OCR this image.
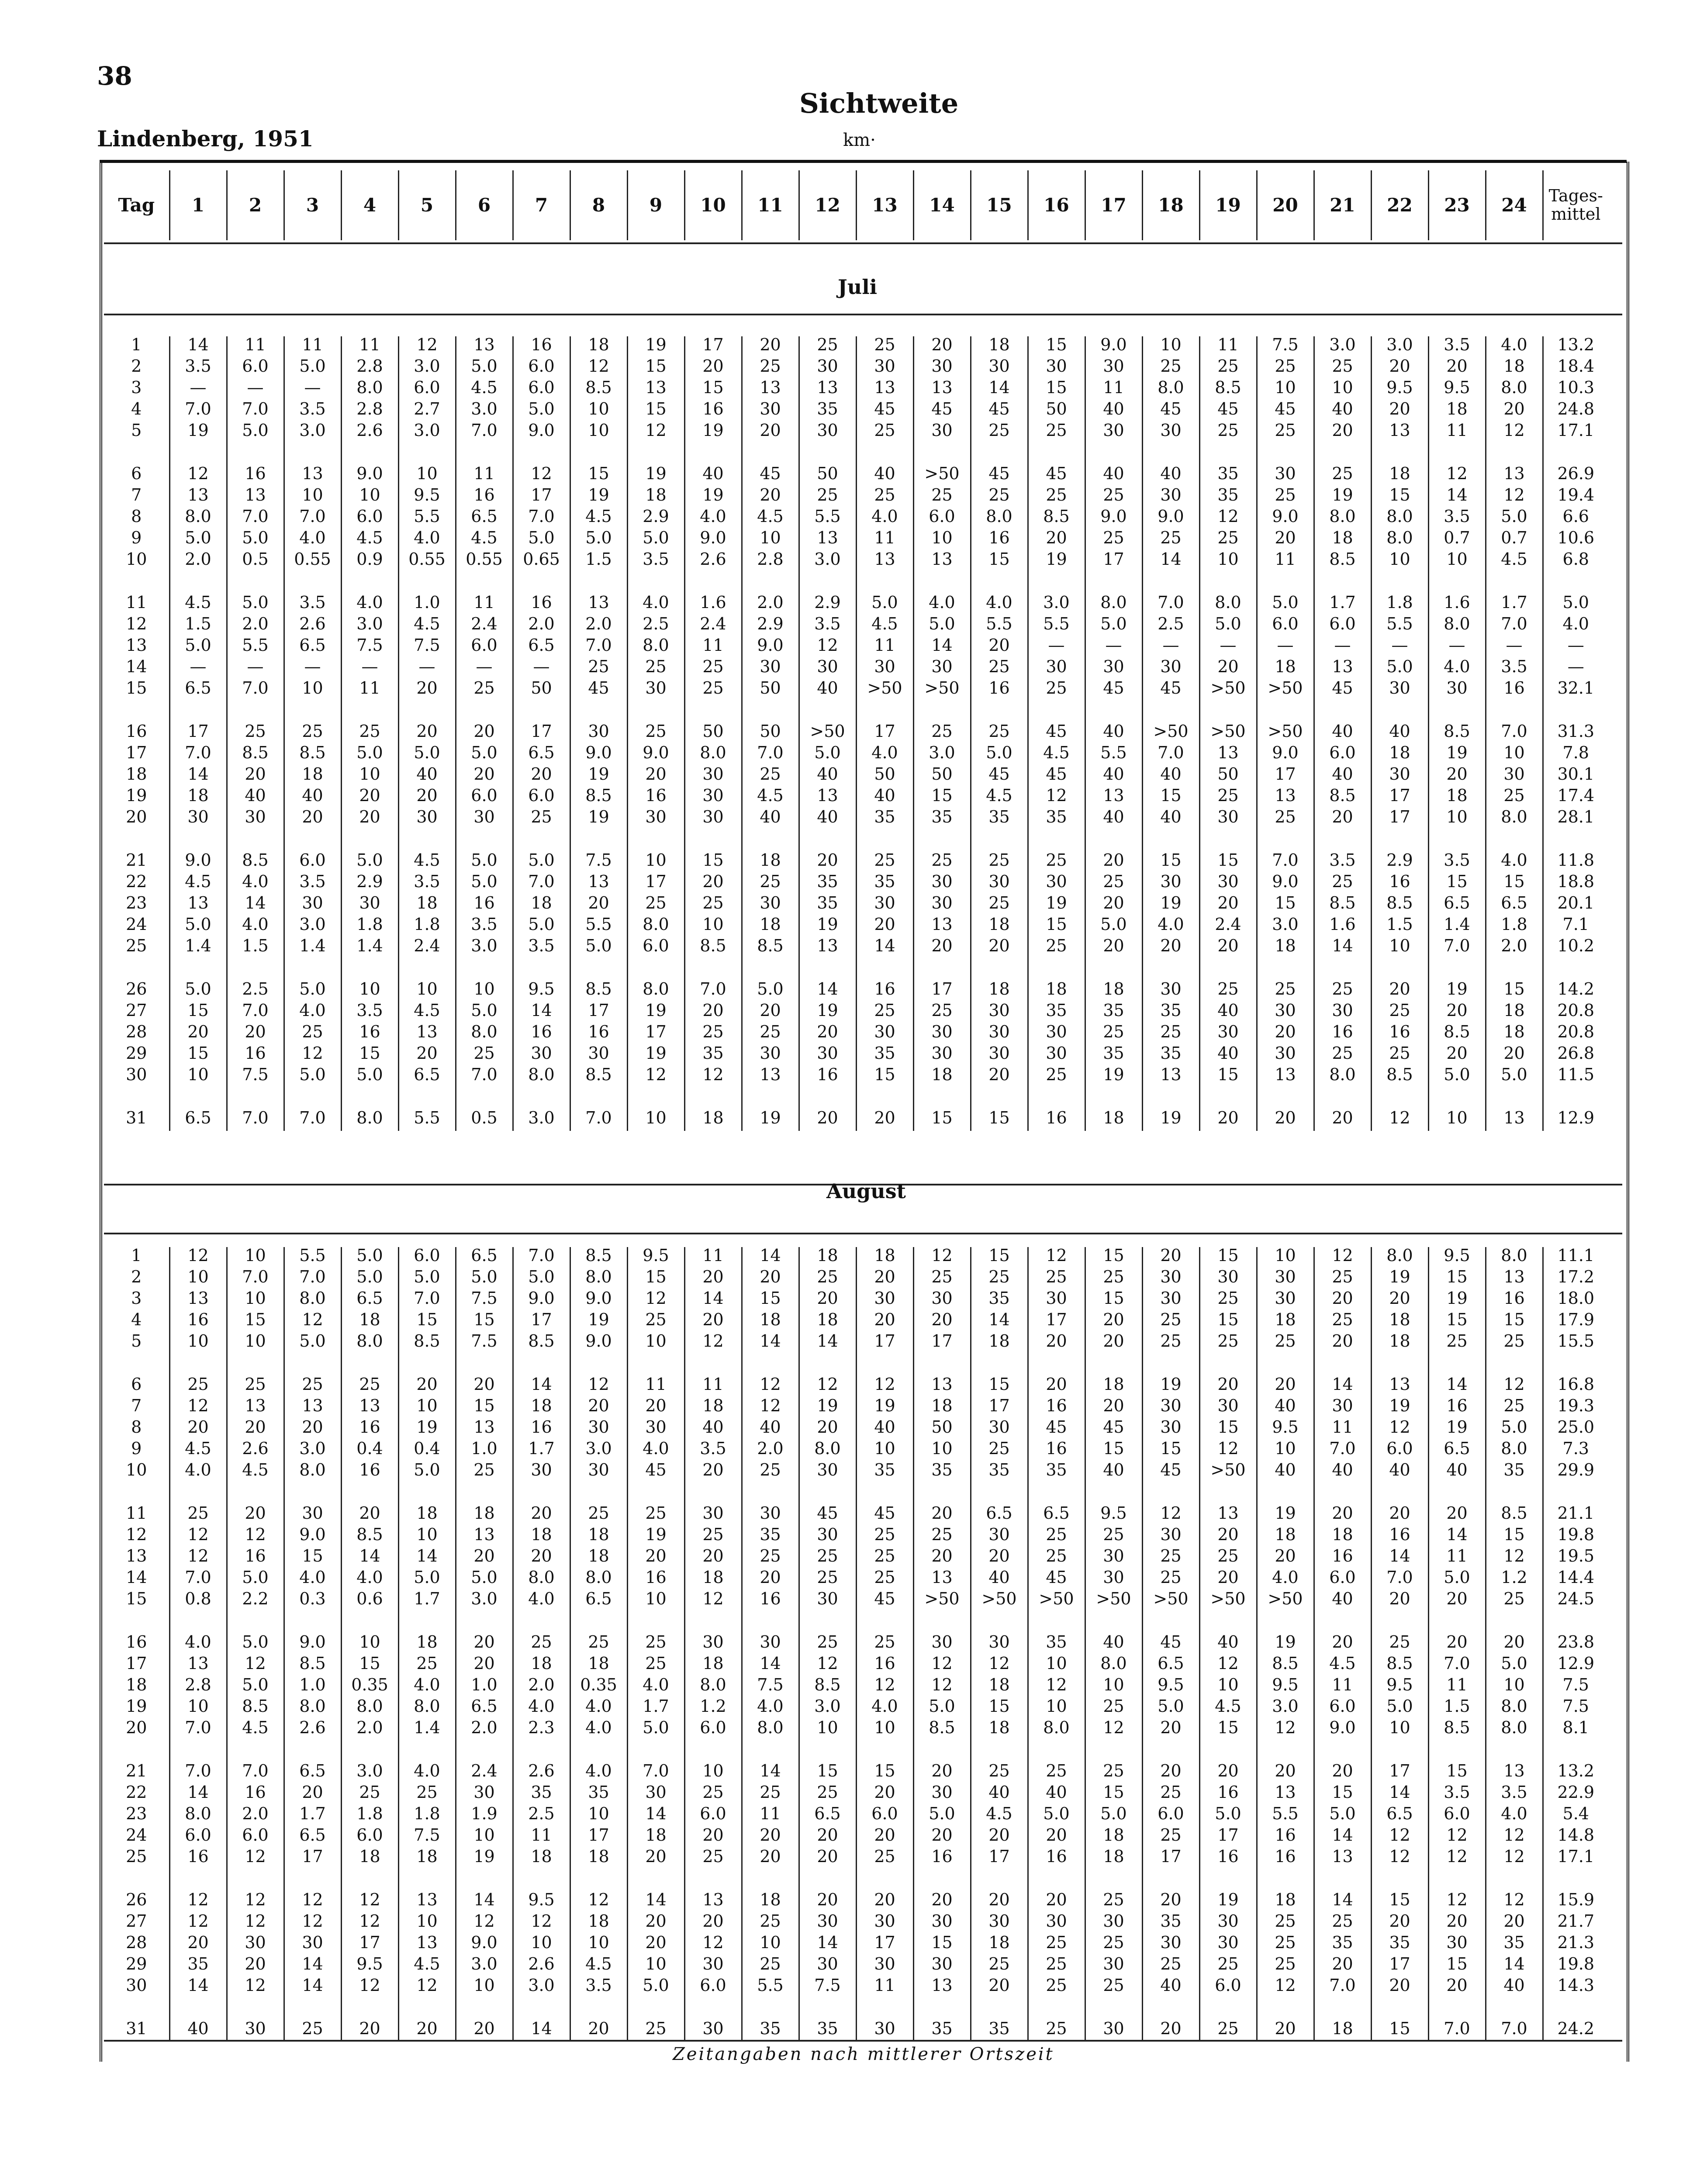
38
Lindenberg, 1951
Sichtweite
km·
Tag	1	2	3	4	5	6	7	8	9	10	11	12	13	14	15	16	17	18	19	20	21	22	23	24	Tages-
mittel
Juli
1	14	11	11	11	12	13	16	18	19	17	20	25	25	20	18	15	9.0	10	11	7.5	3.0	3.0	3.5	4.0	13.2
2	3.5	6.0	5.0	2.8	3.0	5.0	6.0	12	15	20	25	30	30	30	30	30	30	25	25	25	25	20	20	18	18.4
3	—	—	—	8.0	6.0	4.5	6.0	8.5	13	15	13	13	13	13	14	15	11	8.0	8.5	10	10	9.5	9.5	8.0	10.3
4	7.0	7.0	3.5	2.8	2.7	3.0	5.0	10	15	16	30	35	45	45	45	50	40	45	45	45	40	20	18	20	24.8
5	19	5.0	3.0	2.6	3.0	7.0	9.0	10	12	19	20	30	25	30	25	25	30	30	25	25	20	13	11	12	17.1

6	12	16	13	9.0	10	11	12	15	19	40	45	50	40	>50	45	45	40	40	35	30	25	18	12	13	26.9
7	13	13	10	10	9.5	16	17	19	18	19	20	25	25	25	25	25	25	30	35	25	19	15	14	12	19.4
8	8.0	7.0	7.0	6.0	5.5	6.5	7.0	4.5	2.9	4.0	4.5	5.5	4.0	6.0	8.0	8.5	9.0	9.0	12	9.0	8.0	8.0	3.5	5.0	6.6
9	5.0	5.0	4.0	4.5	4.0	4.5	5.0	5.0	5.0	9.0	10	13	11	10	16	20	25	25	25	20	18	8.0	0.7	0.7	10.6
10	2.0	0.5	0.55	0.9	0.55	0.55	0.65	1.5	3.5	2.6	2.8	3.0	13	13	15	19	17	14	10	11	8.5	10	10	4.5	6.8

11	4.5	5.0	3.5	4.0	1.0	11	16	13	4.0	1.6	2.0	2.9	5.0	4.0	4.0	3.0	8.0	7.0	8.0	5.0	1.7	1.8	1.6	1.7	5.0
12	1.5	2.0	2.6	3.0	4.5	2.4	2.0	2.0	2.5	2.4	2.9	3.5	4.5	5.0	5.5	5.5	5.0	2.5	5.0	6.0	6.0	5.5	8.0	7.0	4.0
13	5.0	5.5	6.5	7.5	7.5	6.0	6.5	7.0	8.0	11	9.0	12	11	14	20	—	—	—	—	—	—	—	—	—	—
14	—	—	—	—	—	—	—	25	25	25	30	30	30	30	25	30	30	30	20	18	13	5.0	4.0	3.5	—
15	6.5	7.0	10	11	20	25	50	45	30	25	50	40	>50	>50	16	25	45	45	>50	>50	45	30	30	16	32.1

16	17	25	25	25	20	20	17	30	25	50	50	>50	17	25	25	45	40	>50	>50	>50	40	40	8.5	7.0	31.3
17	7.0	8.5	8.5	5.0	5.0	5.0	6.5	9.0	9.0	8.0	7.0	5.0	4.0	3.0	5.0	4.5	5.5	7.0	13	9.0	6.0	18	19	10	7.8
18	14	20	18	10	40	20	20	19	20	30	25	40	50	50	45	45	40	40	50	17	40	30	20	30	30.1
19	18	40	40	20	20	6.0	6.0	8.5	16	30	4.5	13	40	15	4.5	12	13	15	25	13	8.5	17	18	25	17.4
20	30	30	20	20	30	30	25	19	30	30	40	40	35	35	35	35	40	40	30	25	20	17	10	8.0	28.1

21	9.0	8.5	6.0	5.0	4.5	5.0	5.0	7.5	10	15	18	20	25	25	25	25	20	15	15	7.0	3.5	2.9	3.5	4.0	11.8
22	4.5	4.0	3.5	2.9	3.5	5.0	7.0	13	17	20	25	35	35	30	30	30	25	30	30	9.0	25	16	15	15	18.8
23	13	14	30	30	18	16	18	20	25	25	30	35	30	30	25	19	20	19	20	15	8.5	8.5	6.5	6.5	20.1
24	5.0	4.0	3.0	1.8	1.8	3.5	5.0	5.5	8.0	10	18	19	20	13	18	15	5.0	4.0	2.4	3.0	1.6	1.5	1.4	1.8	7.1
25	1.4	1.5	1.4	1.4	2.4	3.0	3.5	5.0	6.0	8.5	8.5	13	14	20	20	25	20	20	20	18	14	10	7.0	2.0	10.2

26	5.0	2.5	5.0	10	10	10	9.5	8.5	8.0	7.0	5.0	14	16	17	18	18	18	30	25	25	25	20	19	15	14.2
27	15	7.0	4.0	3.5	4.5	5.0	14	17	19	20	20	19	25	25	30	35	35	35	40	30	30	25	20	18	20.8
28	20	20	25	16	13	8.0	16	16	17	25	25	20	30	30	30	30	25	25	30	20	16	16	8.5	18	20.8
29	15	16	12	15	20	25	30	30	19	35	30	30	35	30	30	30	35	35	40	30	25	25	20	20	26.8
30	10	7.5	5.0	5.0	6.5	7.0	8.0	8.5	12	12	13	16	15	18	20	25	19	13	15	13	8.0	8.5	5.0	5.0	11.5

31	6.5	7.0	7.0	8.0	5.5	0.5	3.0	7.0	10	18	19	20	20	15	15	16	18	19	20	20	20	12	10	13	12.9
August
1	12	10	5.5	5.0	6.0	6.5	7.0	8.5	9.5	11	14	18	18	12	15	12	15	20	15	10	12	8.0	9.5	8.0	11.1
2	10	7.0	7.0	5.0	5.0	5.0	5.0	8.0	15	20	20	25	20	25	25	25	25	30	30	30	25	19	15	13	17.2
3	13	10	8.0	6.5	7.0	7.5	9.0	9.0	12	14	15	20	30	30	35	30	15	30	25	30	20	20	19	16	18.0
4	16	15	12	18	15	15	17	19	25	20	18	18	20	20	14	17	20	25	15	18	25	18	15	15	17.9
5	10	10	5.0	8.0	8.5	7.5	8.5	9.0	10	12	14	14	17	17	18	20	20	25	25	25	20	18	25	25	15.5

6	25	25	25	25	20	20	14	12	11	11	12	12	12	13	15	20	18	19	20	20	14	13	14	12	16.8
7	12	13	13	13	10	15	18	20	20	18	12	19	19	18	17	16	20	30	30	40	30	19	16	25	19.3
8	20	20	20	16	19	13	16	30	30	40	40	20	40	50	30	45	45	30	15	9.5	11	12	19	5.0	25.0
9	4.5	2.6	3.0	0.4	0.4	1.0	1.7	3.0	4.0	3.5	2.0	8.0	10	10	25	16	15	15	12	10	7.0	6.0	6.5	8.0	7.3
10	4.0	4.5	8.0	16	5.0	25	30	30	45	20	25	30	35	35	35	35	40	45	>50	40	40	40	40	35	29.9

11	25	20	30	20	18	18	20	25	25	30	30	45	45	20	6.5	6.5	9.5	12	13	19	20	20	20	8.5	21.1
12	12	12	9.0	8.5	10	13	18	18	19	25	35	30	25	25	30	25	25	30	20	18	18	16	14	15	19.8
13	12	16	15	14	14	20	20	18	20	20	25	25	25	20	20	25	30	25	25	20	16	14	11	12	19.5
14	7.0	5.0	4.0	4.0	5.0	5.0	8.0	8.0	16	18	20	25	25	13	40	45	30	25	20	4.0	6.0	7.0	5.0	1.2	14.4
15	0.8	2.2	0.3	0.6	1.7	3.0	4.0	6.5	10	12	16	30	45	>50	>50	>50	>50	>50	>50	>50	40	20	20	25	24.5

16	4.0	5.0	9.0	10	18	20	25	25	25	30	30	25	25	30	30	35	40	45	40	19	20	25	20	20	23.8
17	13	12	8.5	15	25	20	18	18	25	18	14	12	16	12	12	10	8.0	6.5	12	8.5	4.5	8.5	7.0	5.0	12.9
18	2.8	5.0	1.0	0.35	4.0	1.0	2.0	0.35	4.0	8.0	7.5	8.5	12	12	18	12	10	9.5	10	9.5	11	9.5	11	10	7.5
19	10	8.5	8.0	8.0	8.0	6.5	4.0	4.0	1.7	1.2	4.0	3.0	4.0	5.0	15	10	25	5.0	4.5	3.0	6.0	5.0	1.5	8.0	7.5
20	7.0	4.5	2.6	2.0	1.4	2.0	2.3	4.0	5.0	6.0	8.0	10	10	8.5	18	8.0	12	20	15	12	9.0	10	8.5	8.0	8.1

21	7.0	7.0	6.5	3.0	4.0	2.4	2.6	4.0	7.0	10	14	15	15	20	25	25	25	20	20	20	20	17	15	13	13.2
22	14	16	20	25	25	30	35	35	30	25	25	25	20	30	40	40	15	25	16	13	15	14	3.5	3.5	22.9
23	8.0	2.0	1.7	1.8	1.8	1.9	2.5	10	14	6.0	11	6.5	6.0	5.0	4.5	5.0	5.0	6.0	5.0	5.5	5.0	6.5	6.0	4.0	5.4
24	6.0	6.0	6.5	6.0	7.5	10	11	17	18	20	20	20	20	20	20	20	18	25	17	16	14	12	12	12	14.8
25	16	12	17	18	18	19	18	18	20	25	20	20	25	16	17	16	18	17	16	16	13	12	12	12	17.1

26	12	12	12	12	13	14	9.5	12	14	13	18	20	20	20	20	20	25	20	19	18	14	15	12	12	15.9
27	12	12	12	12	10	12	12	18	20	20	25	30	30	30	30	30	30	35	30	25	25	20	20	20	21.7
28	20	30	30	17	13	9.0	10	10	20	12	10	14	17	15	18	25	25	30	30	25	35	35	30	35	21.3
29	35	20	14	9.5	4.5	3.0	2.6	4.5	10	30	25	30	30	30	25	25	30	25	25	25	20	17	15	14	19.8
30	14	12	14	12	12	10	3.0	3.5	5.0	6.0	5.5	7.5	11	13	20	25	25	40	6.0	12	7.0	20	20	40	14.3

31	40	30	25	20	20	20	14	20	25	30	35	35	30	35	35	25	30	20	25	20	18	15	7.0	7.0	24.2
Zeitangaben nach mittlerer Ortszeit
